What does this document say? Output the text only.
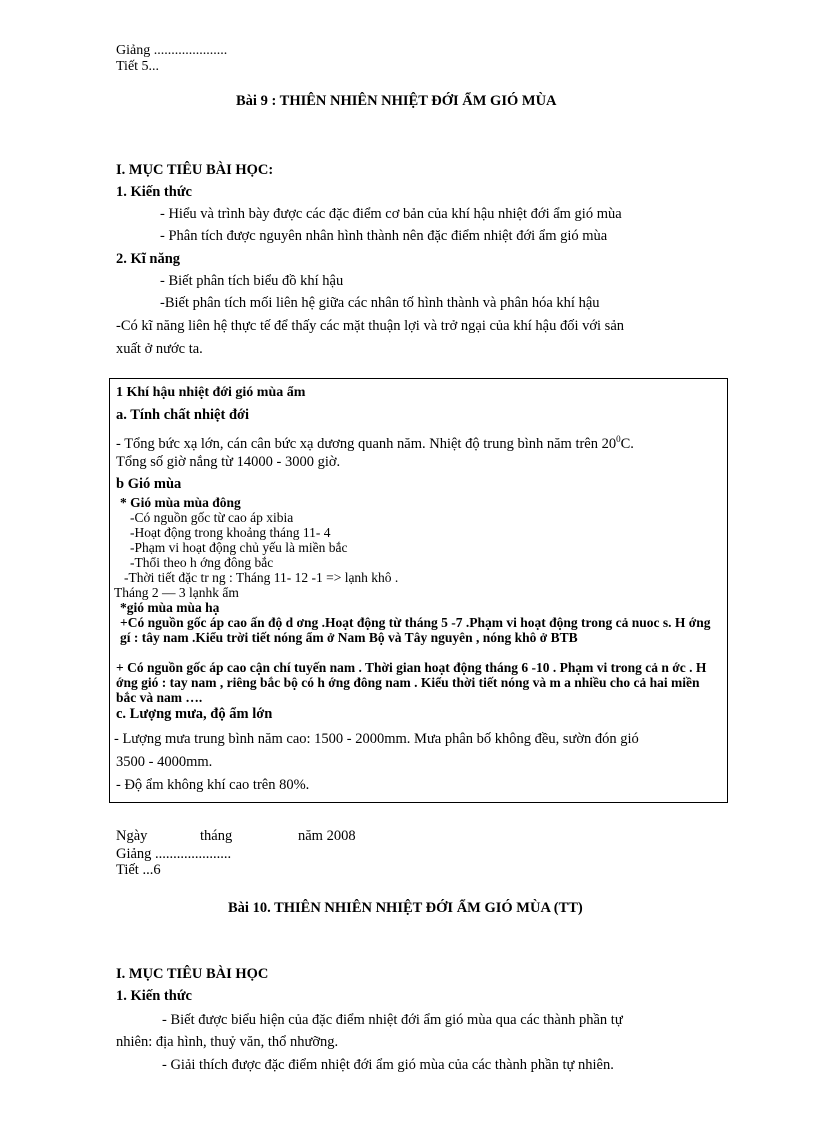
Giảng .....................
Tiết 5...
Bài 9 : THIÊN NHIÊN NHIỆT ĐỚI ẨM GIÓ MÙA
I. MỤC TIÊU BÀI HỌC:
1. Kiến thức
- Hiểu và trình bày được các đặc điểm cơ bản của khí hậu nhiệt đới ẩm gió mùa
- Phân tích được nguyên nhân hình thành nên đặc điểm nhiệt đới ẩm gió mùa
2. Kĩ năng
- Biết phân tích biểu đồ khí hậu
-Biết phân tích mối liên hệ giữa các nhân tố hình thành và phân hóa khí hậu
-Có kĩ năng liên hệ thực tế để thấy các mặt thuận lợi và trở ngại của khí hậu đối với sản
xuất ở nước ta.
1 Khí hậu nhiệt đới gió mùa ẩm
a. Tính chất nhiệt đới
- Tổng bức xạ lớn, cán cân bức xạ dương quanh năm. Nhiệt độ trung bình năm trên $20^0C$.
Tổng số giờ nắng từ 14000 - 3000 giờ.
b Gió mùa
* Gió mùa mùa đông
-Có nguồn gốc từ cao áp xibia
-Hoạt động trong khoảng tháng 11- 4
-Phạm vi hoạt động chủ yếu là miền bắc
-Thổi theo h ớng đông bắc
-Thời tiết đặc tr ng : Tháng 11- 12 -1 => lạnh khô .
Tháng 2 — 3 lạnhk ẩm
*gió mùa mùa hạ
+Có nguồn gốc áp cao ấn độ d ơng .Hoạt động từ tháng 5 -7 .Phạm vi hoạt động trong cả nuoc s. H ớng gí : tây nam .Kiểu trời tiết nóng ẩm ở Nam Bộ và Tây nguyên , nóng khô ở BTB
+ Có nguồn gốc áp cao cận chí tuyến nam . Thời gian hoạt động tháng 6 -10 . Phạm vi trong cả n ớc . H ớng gió : tay nam , riêng bắc bộ có h ớng đông nam . Kiểu thời tiết nóng và m a nhiều cho cả hai miền bắc và nam ….
c. Lượng mưa, độ ẩm lớn
- Lượng mưa trung bình năm cao: 1500 - 2000mm. Mưa phân bố không đều, sườn đón gió
3500 - 4000mm.
- Độ ẩm không khí cao trên 80%.
Ngày	tháng	năm 2008
Giảng .....................
Tiết ...6
Bài 10. THIÊN NHIÊN NHIỆT ĐỚI ẨM GIÓ MÙA (TT)
I. MỤC TIÊU BÀI HỌC
1. Kiến thức
- Biết được biểu hiện của đặc điểm nhiệt đới ẩm gió mùa qua các thành phần tự
nhiên: địa hình, thuỷ văn, thổ nhưỡng.
- Giải thích được đặc điểm nhiệt đới ẩm gió mùa của các thành phần tự nhiên.
